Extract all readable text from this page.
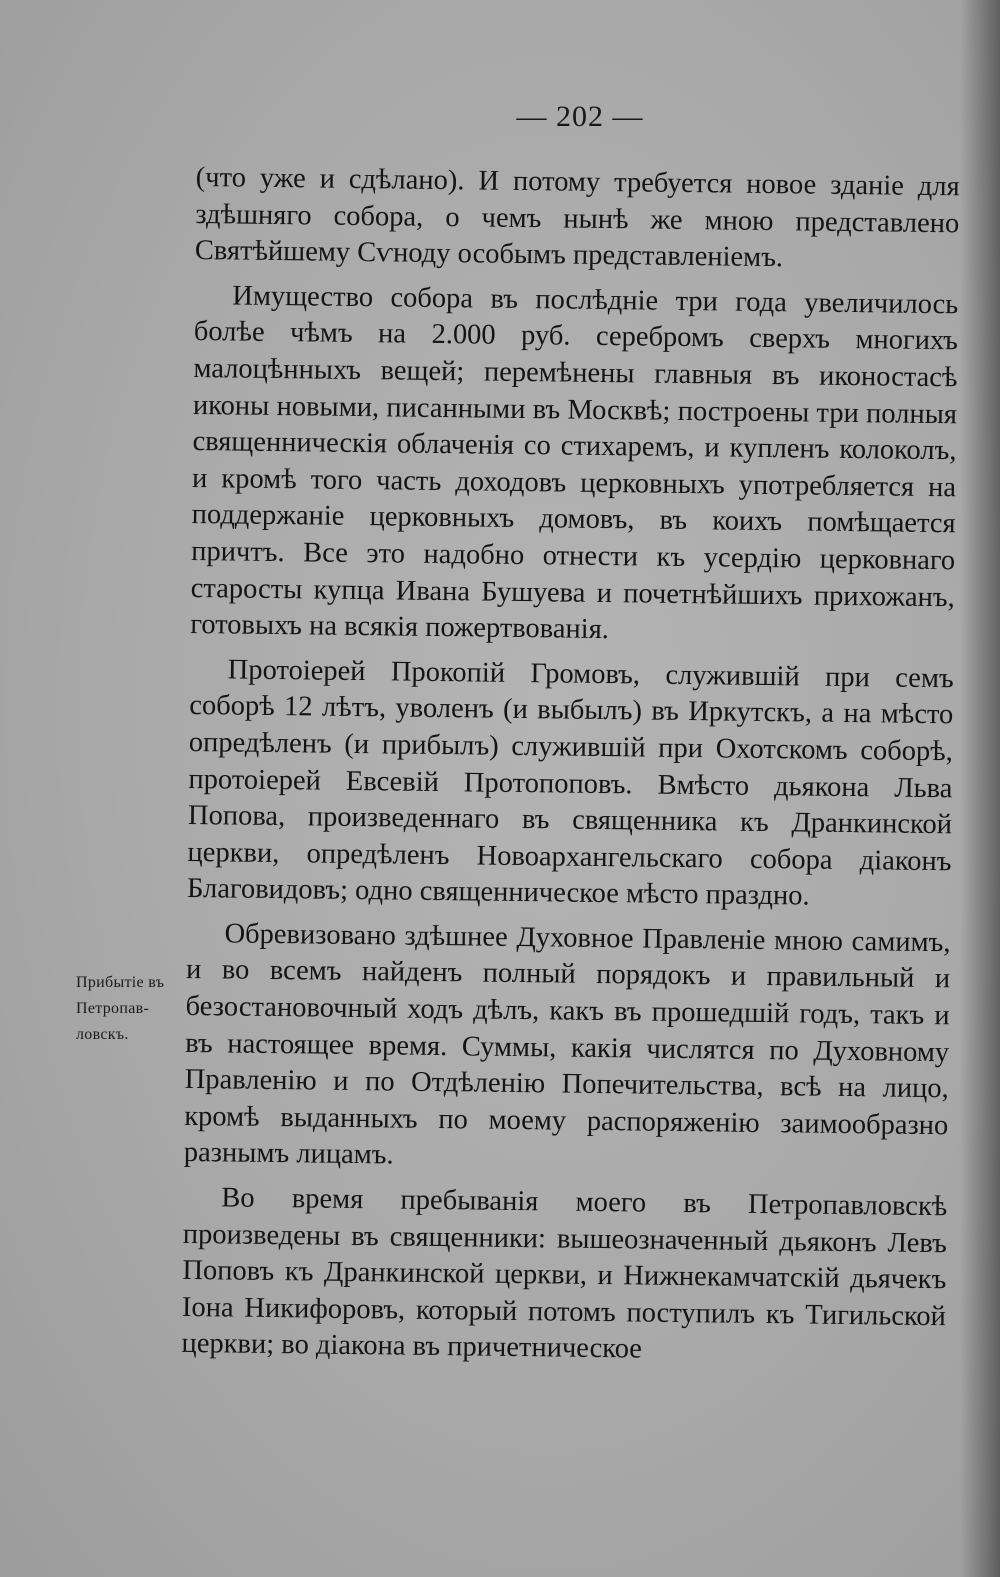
— 202 —
Прибытіе въ
Петропав-
ловскъ.

(что уже и сдѣлано). И потому требуется новое зданіе для здѣшняго собора, о чемъ нынѣ же мною представлено Святѣйшему Сѵноду особымъ представленіемъ.

Имущество собора въ послѣдніе три года увеличилось болѣе чѣмъ на 2.000 руб. серебромъ сверхъ многихъ малоцѣнныхъ вещей; перемѣнены главныя въ иконостасѣ иконы новыми, писанными въ Москвѣ; построены три полныя священническія облаченія со стихаремъ, и купленъ колоколъ, и кромѣ того часть доходовъ церковныхъ употребляется на поддержаніе церковныхъ домовъ, въ коихъ помѣщается причтъ. Все это надобно отнести къ усердію церковнаго старосты купца Ивана Бушуева и почетнѣйшихъ прихожанъ, готовыхъ на всякія пожертвованія.

Протоіерей Прокопій Громовъ, служившій при семъ соборѣ 12 лѣтъ, уволенъ (и выбылъ) въ Иркутскъ, а на мѣсто опредѣленъ (и прибылъ) служившій при Охотскомъ соборѣ, протоіерей Евсевій Протопоповъ. Вмѣсто дьякона Льва Попова, произведеннаго въ священника къ Дранкинской церкви, опредѣленъ Новоархангельскаго собора діаконъ Благовидовъ; одно священническое мѣсто праздно.

Обревизовано здѣшнее Духовное Правленіе мною самимъ, и во всемъ найденъ полный порядокъ и правильный и безостановочный ходъ дѣлъ, какъ въ прошедшій годъ, такъ и въ настоящее время. Суммы, какія числятся по Духовному Правленію и по Отдѣленію Попечительства, всѣ на лицо, кромѣ выданныхъ по моему распоряженію заимообразно разнымъ лицамъ.

Во время пребыванія моего въ Петропавловскѣ произведены въ священники: вышеозначенный дьяконъ Левъ Поповъ къ Дранкинской церкви, и Нижнекамчатскій дьячекъ Іона Никифоровъ, который потомъ поступилъ къ Тигильской церкви; во діакона въ причетническое
